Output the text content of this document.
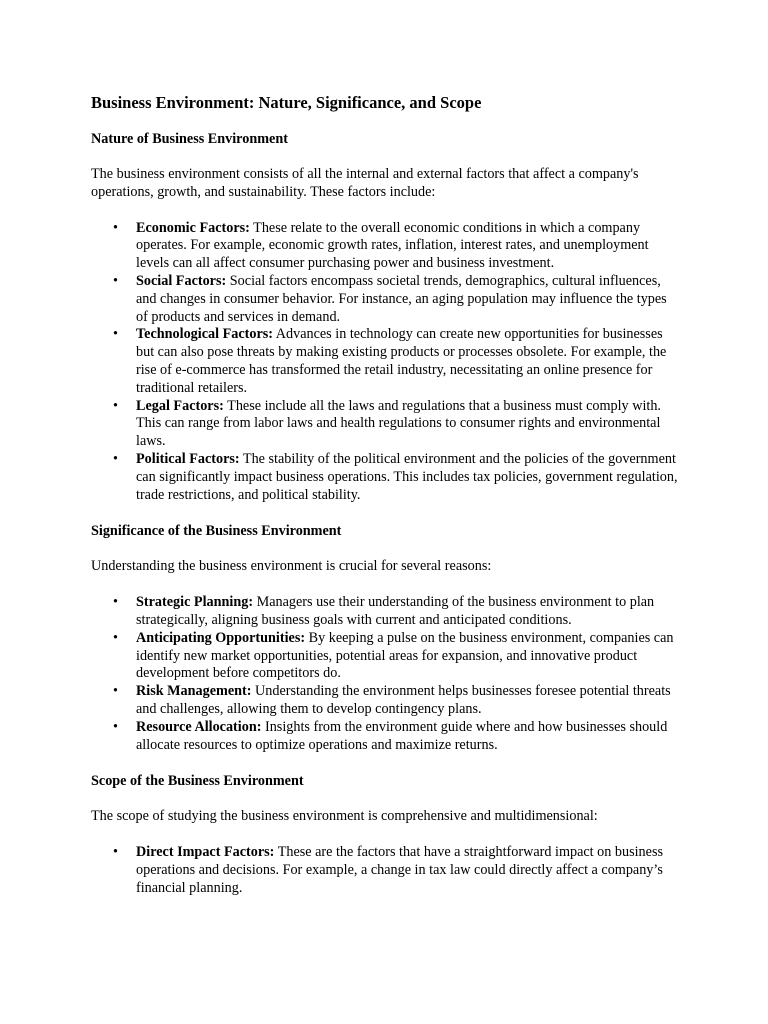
Business Environment: Nature, Significance, and Scope
Nature of Business Environment

The business environment consists of all the internal and external factors that affect a company's operations, growth, and sustainability. These factors include:

• Economic Factors: These relate to the overall economic conditions in which a company operates. For example, economic growth rates, inflation, interest rates, and unemployment levels can all affect consumer purchasing power and business investment.
• Social Factors: Social factors encompass societal trends, demographics, cultural influences, and changes in consumer behavior. For instance, an aging population may influence the types of products and services in demand.
• Technological Factors: Advances in technology can create new opportunities for businesses but can also pose threats by making existing products or processes obsolete. For example, the rise of e-commerce has transformed the retail industry, necessitating an online presence for traditional retailers.
• Legal Factors: These include all the laws and regulations that a business must comply with. This can range from labor laws and health regulations to consumer rights and environmental laws.
• Political Factors: The stability of the political environment and the policies of the government can significantly impact business operations. This includes tax policies, government regulation, trade restrictions, and political stability.
Significance of the Business Environment

Understanding the business environment is crucial for several reasons:

• Strategic Planning: Managers use their understanding of the business environment to plan strategically, aligning business goals with current and anticipated conditions.
• Anticipating Opportunities: By keeping a pulse on the business environment, companies can identify new market opportunities, potential areas for expansion, and innovative product development before competitors do.
• Risk Management: Understanding the environment helps businesses foresee potential threats and challenges, allowing them to develop contingency plans.
• Resource Allocation: Insights from the environment guide where and how businesses should allocate resources to optimize operations and maximize returns.
Scope of the Business Environment

The scope of studying the business environment is comprehensive and multidimensional:

• Direct Impact Factors: These are the factors that have a straightforward impact on business operations and decisions. For example, a change in tax law could directly affect a company’s financial planning.
